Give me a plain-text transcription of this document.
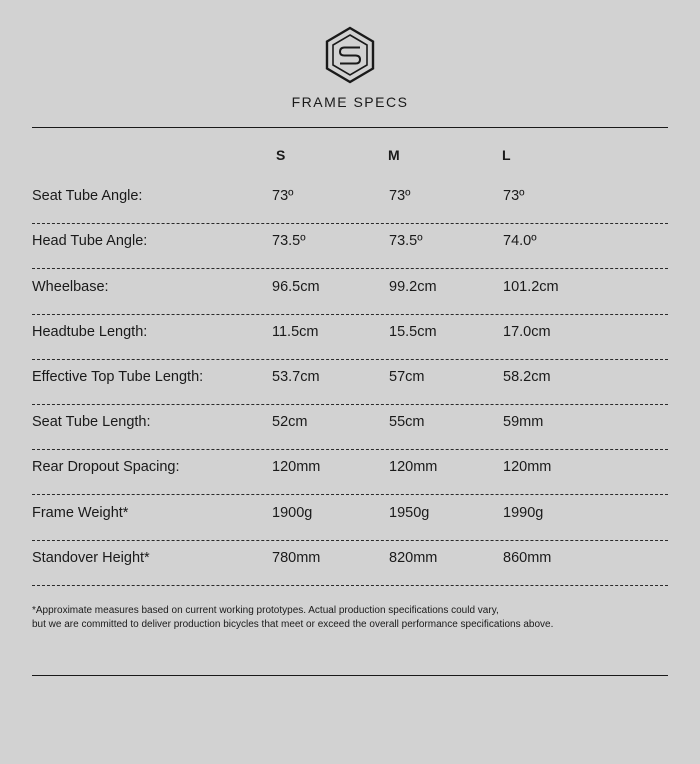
FRAME SPECS
S	M	L
Seat Tube Angle:	73º	73º	73º
Head Tube Angle:	73.5º	73.5º	74.0º
Wheelbase:	96.5cm	99.2cm	101.2cm
Headtube Length:	11.5cm	15.5cm	17.0cm
Effective Top Tube Length:	53.7cm	57cm	58.2cm
Seat Tube Length:	52cm	55cm	59mm
Rear Dropout Spacing:	120mm	120mm	120mm
Frame Weight*	1900g	1950g	1990g
Standover Height*	780mm	820mm	860mm
*Approximate measures based on current working prototypes. Actual production specifications could vary,
but we are committed to deliver production bicycles that meet or exceed the overall performance specifications above.
